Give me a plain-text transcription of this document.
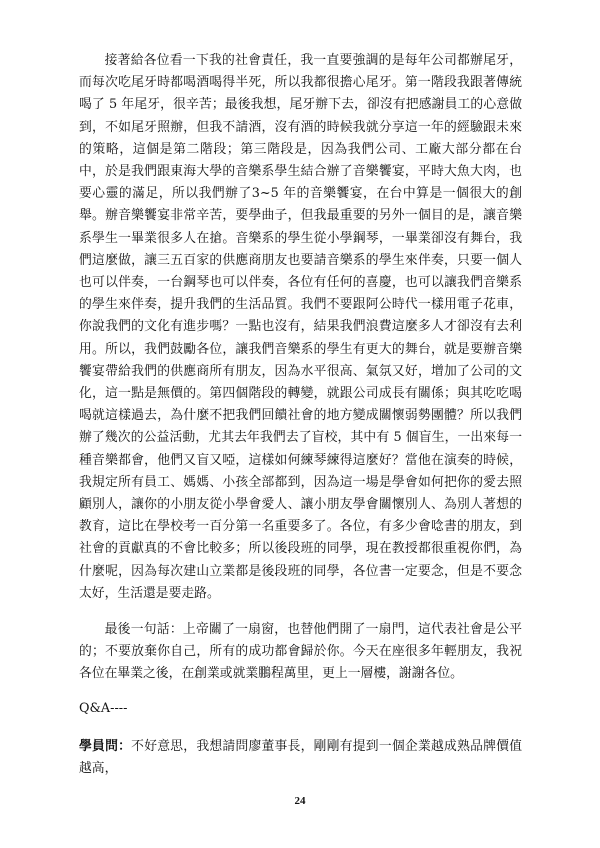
接著給各位看一下我的社會責任，我一直要強調的是每年公司都辦尾牙，而每次吃尾牙時都喝酒喝得半死，所以我都很擔心尾牙。第一階段我跟著傳統喝了 5 年尾牙，很辛苦；最後我想，尾牙辦下去，卻沒有把感謝員工的心意做到，不如尾牙照辦，但我不請酒，沒有酒的時候我就分享這一年的經驗跟未來的策略，這個是第二階段；第三階段是，因為我們公司、工廠大部分都在台中，於是我們跟東海大學的音樂系學生結合辦了音樂饗宴，平時大魚大肉，也要心靈的滿足，所以我們辦了3~5 年的音樂饗宴，在台中算是一個很大的創舉。辦音樂饗宴非常辛苦，要學曲子，但我最重要的另外一個目的是，讓音樂系學生一畢業很多人在搶。音樂系的學生從小學鋼琴，一畢業卻沒有舞台，我們這麼做，讓三五百家的供應商朋友也要請音樂系的學生來伴奏，只要一個人也可以伴奏，一台鋼琴也可以伴奏，各位有任何的喜慶，也可以讓我們音樂系的學生來伴奏，提升我們的生活品質。我們不要跟阿公時代一樣用電子花車，你說我們的文化有進步嗎？一點也沒有，結果我們浪費這麼多人才卻沒有去利用。所以，我們鼓勵各位，讓我們音樂系的學生有更大的舞台，就是要辦音樂饗宴帶給我們的供應商所有朋友，因為水平很高、氣氛又好，增加了公司的文化，這一點是無價的。第四個階段的轉變，就跟公司成長有關係；與其吃吃喝喝就這樣過去，為什麼不把我們回饋社會的地方變成關懷弱勢團體？所以我們辦了幾次的公益活動，尤其去年我們去了盲校，其中有 5 個盲生，一出來每一種音樂都會，他們又盲又啞，這樣如何練琴練得這麼好？當他在演奏的時候，我規定所有員工、媽媽、小孩全部都到，因為這一場是學會如何把你的愛去照顧別人，讓你的小朋友從小學會愛人、讓小朋友學會關懷別人、為別人著想的教育，這比在學校考一百分第一名重要多了。各位，有多少會唸書的朋友，到社會的貢獻真的不會比較多；所以後段班的同學，現在教授都很重視你們，為什麼呢，因為每次建山立業都是後段班的同學，各位書一定要念，但是不要念太好，生活還是要走路。

最後一句話：上帝關了一扇窗，也替他們開了一扇門，這代表社會是公平的；不要放棄你自己，所有的成功都會歸於你。今天在座很多年輕朋友，我祝各位在畢業之後，在創業或就業鵬程萬里，更上一層樓，謝謝各位。

Q&A----

學員問：不好意思，我想請問廖董事長，剛剛有提到一個企業越成熟品牌價值越高，

24
